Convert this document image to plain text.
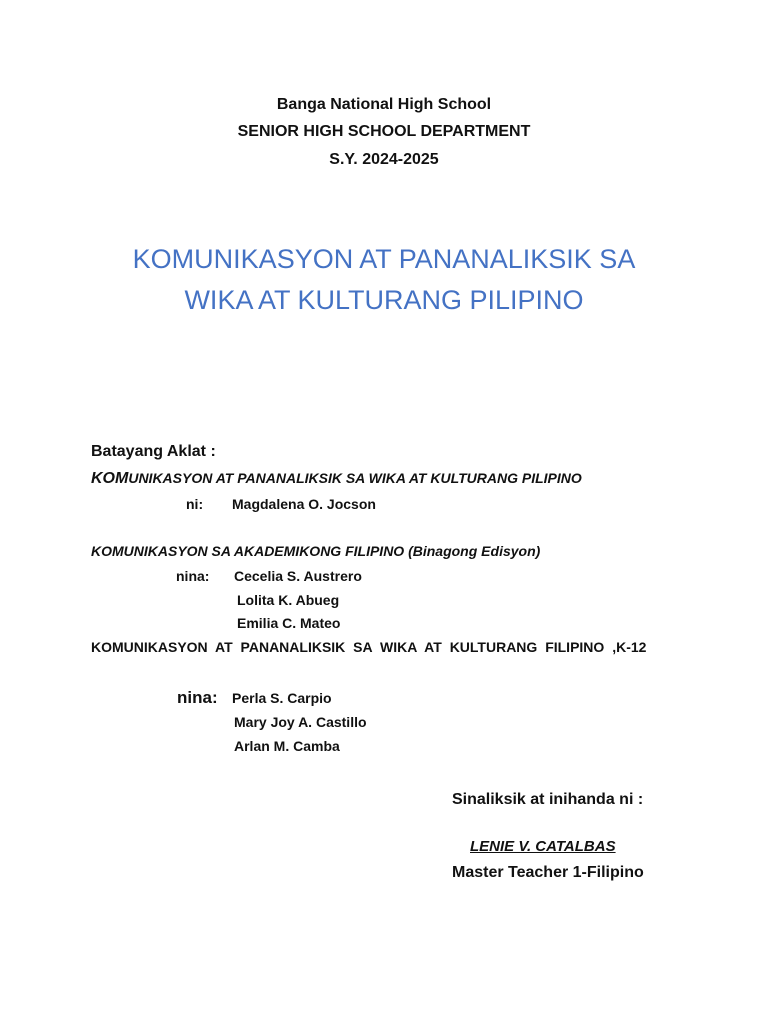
Banga National High School
SENIOR HIGH SCHOOL DEPARTMENT
S.Y. 2024-2025
KOMUNIKASYON AT PANANALIKSIK SA
WIKA AT KULTURANG PILIPINO
Batayang Aklat :
KOMUNIKASYON AT PANANALIKSIK SA WIKA AT KULTURANG PILIPINO
ni: Magdalena O. Jocson
KOMUNIKASYON SA AKADEMIKONG FILIPINO (Binagong Edisyon)
nina: Cecelia S. Austrero
Lolita K. Abueg
Emilia C. Mateo
KOMUNIKASYON AT PANANALIKSIK SA WIKA AT KULTURANG FILIPINO ,K-12
nina: Perla S. Carpio
Mary Joy A. Castillo
Arlan M. Camba
Sinaliksik at inihanda ni :
LENIE V. CATALBAS
Master Teacher 1-Filipino
